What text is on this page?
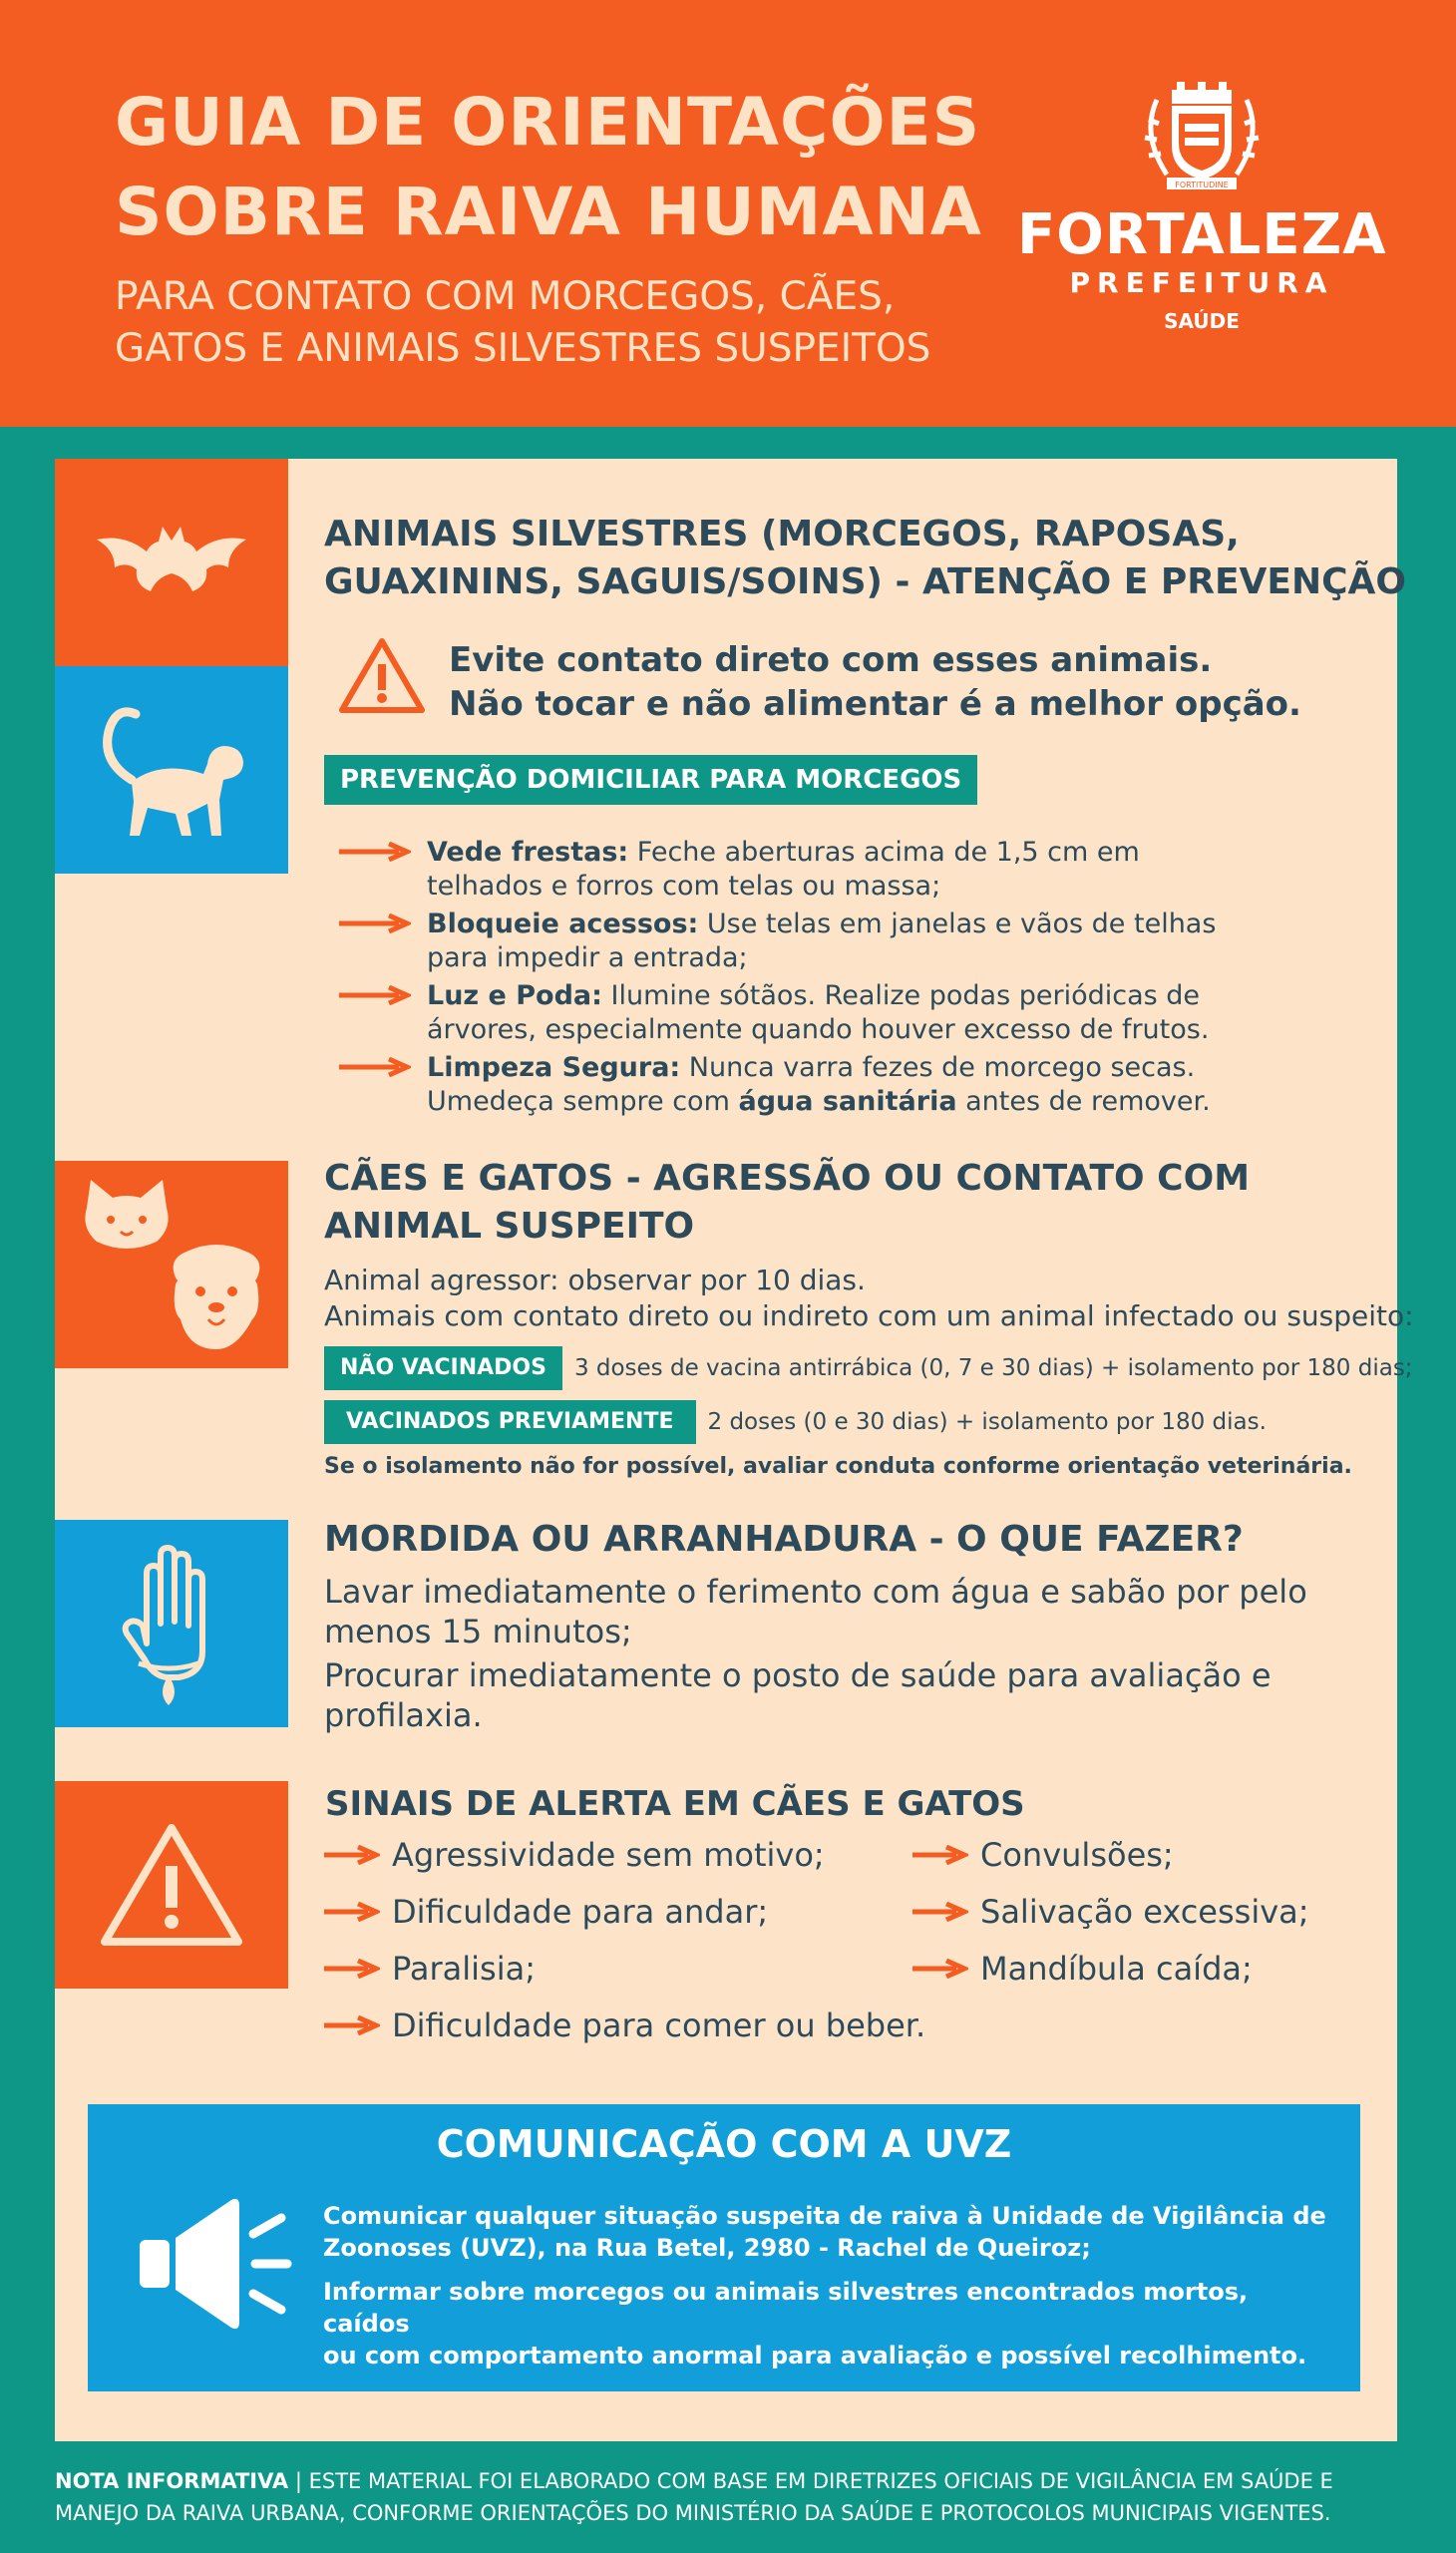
GUIA DE ORIENTAÇÕES
SOBRE RAIVA HUMANA
PARA CONTATO COM MORCEGOS, CÃES,
GATOS E ANIMAIS SILVESTRES SUSPEITOS
FORTITUDINE
FORTALEZA
PREFEITURA
SAÚDE
ANIMAIS SILVESTRES (MORCEGOS, RAPOSAS,
GUAXININS, SAGUIS/SOINS) - ATENÇÃO E PREVENÇÃO
Evite contato direto com esses animais.
Não tocar e não alimentar é a melhor opção.
PREVENÇÃO DOMICILIAR PARA MORCEGOS
Vede frestas: Feche aberturas acima de 1,5 cm em
telhados e forros com telas ou massa;
Bloqueie acessos: Use telas em janelas e vãos de telhas
para impedir a entrada;
Luz e Poda: Ilumine sótãos. Realize podas periódicas de
árvores, especialmente quando houver excesso de frutos.
Limpeza Segura: Nunca varra fezes de morcego secas.
Umedeça sempre com água sanitária antes de remover.
CÃES E GATOS - AGRESSÃO OU CONTATO COM
ANIMAL SUSPEITO
Animal agressor: observar por 10 dias.
Animais com contato direto ou indireto com um animal infectado ou suspeito:
NÃO VACINADOS	3 doses de vacina antirrábica (0, 7 e 30 dias) + isolamento por 180 dias;
VACINADOS PREVIAMENTE	2 doses (0 e 30 dias) + isolamento por 180 dias.
Se o isolamento não for possível, avaliar conduta conforme orientação veterinária.
MORDIDA OU ARRANHADURA - O QUE FAZER?

Lavar imediatamente o ferimento com água e sabão por pelo
menos 15 minutos;

Procurar imediatamente o posto de saúde para avaliação e
profilaxia.

SINAIS DE ALERTA EM CÃES E GATOS
Agressividade sem motivo;
Dificuldade para andar;
Paralisia;
Dificuldade para comer ou beber.
Convulsões;
Salivação excessiva;
Mandíbula caída;
COMUNICAÇÃO COM A UVZ

Comunicar qualquer situação suspeita de raiva à Unidade de Vigilância de
Zoonoses (UVZ), na Rua Betel, 2980 - Rachel de Queiroz;

Informar sobre morcegos ou animais silvestres encontrados mortos, caídos
ou com comportamento anormal para avaliação e possível recolhimento.

NOTA INFORMATIVA | ESTE MATERIAL FOI ELABORADO COM BASE EM DIRETRIZES OFICIAIS DE VIGILÂNCIA EM SAÚDE E
MANEJO DA RAIVA URBANA, CONFORME ORIENTAÇÕES DO MINISTÉRIO DA SAÚDE E PROTOCOLOS MUNICIPAIS VIGENTES.
